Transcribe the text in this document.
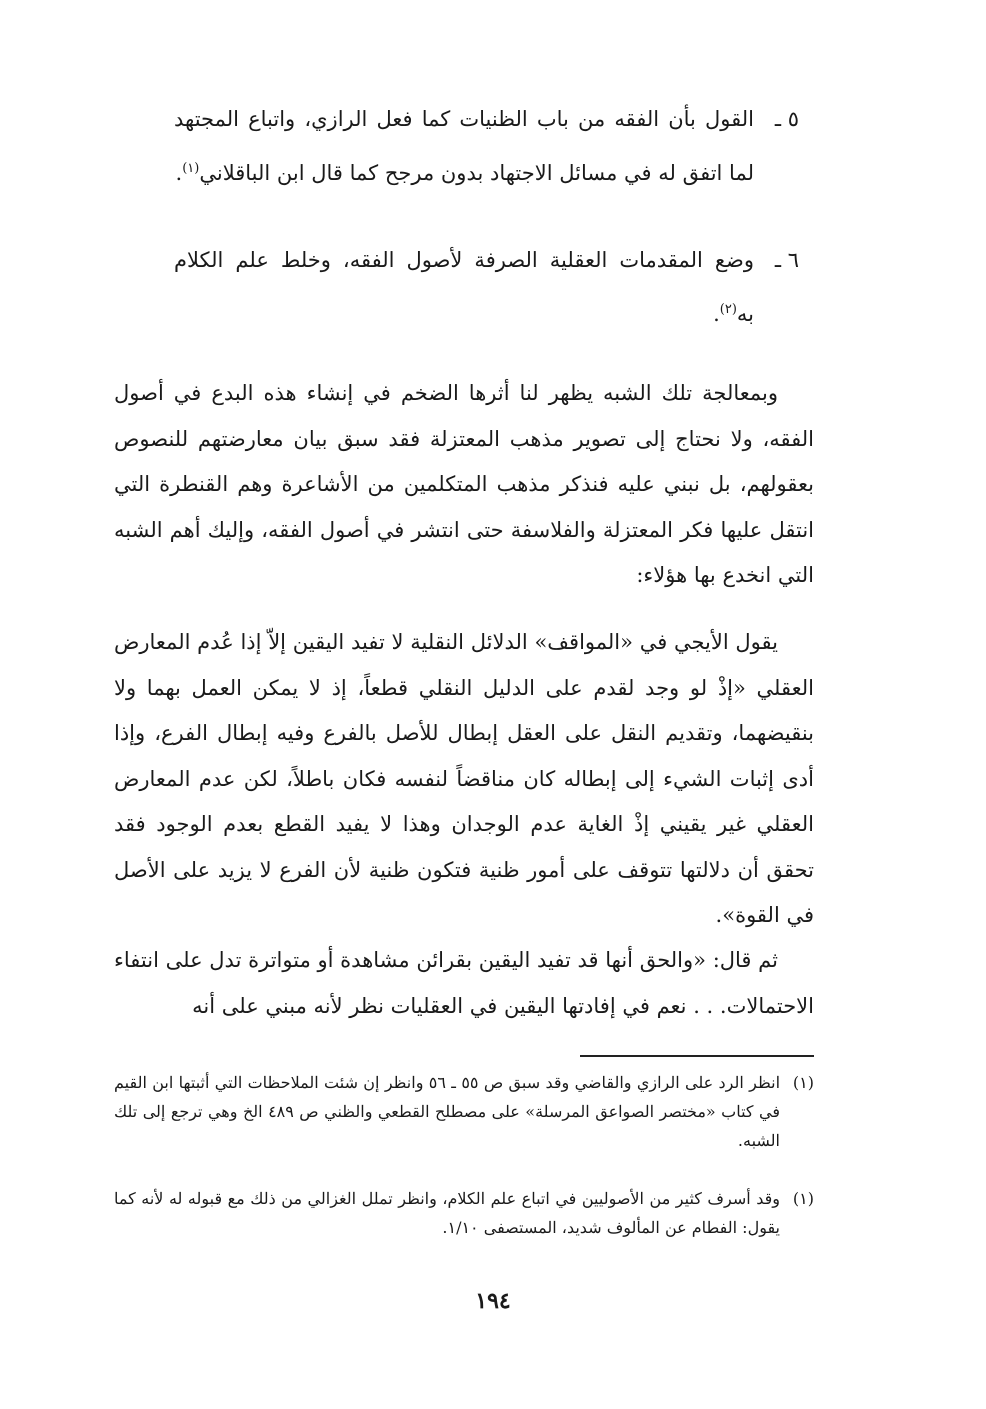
٥ ـ
القول بأن الفقه من باب الظنيات كما فعل الرازي، واتباع المجتهد لما اتفق له في مسائل الاجتهاد بدون مرجح كما قال ابن الباقلاني$^{(١)}$.
٦ ـ
وضع المقدمات العقلية الصرفة لأصول الفقه، وخلط علم الكلام به$^{(٢)}$.

وبمعالجة تلك الشبه يظهر لنا أثرها الضخم في إنشاء هذه البدع في أصول الفقه، ولا نحتاج إلى تصوير مذهب المعتزلة فقد سبق بيان معارضتهم للنصوص بعقولهم، بل نبني عليه فنذكر مذهب المتكلمين من الأشاعرة وهم القنطرة التي انتقل عليها فكر المعتزلة والفلاسفة حتى انتشر في أصول الفقه، وإليك أهم الشبه التي انخدع بها هؤلاء:

يقول الأيجي في «المواقف» الدلائل النقلية لا تفيد اليقين إلاّ إذا عُدم المعارض العقلي «إذْ لو وجد لقدم على الدليل النقلي قطعاً، إذ لا يمكن العمل بهما ولا بنقيضهما، وتقديم النقل على العقل إبطال للأصل بالفرع وفيه إبطال الفرع، وإذا أدى إثبات الشيء إلى إبطاله كان مناقضاً لنفسه فكان باطلاً، لكن عدم المعارض العقلي غير يقيني إذْ الغاية عدم الوجدان وهذا لا يفيد القطع بعدم الوجود فقد تحقق أن دلالتها تتوقف على أمور ظنية فتكون ظنية لأن الفرع لا يزيد على الأصل في القوة».

ثم قال: «والحق أنها قد تفيد اليقين بقرائن مشاهدة أو متواترة تدل على انتفاء الاحتمالات. . . نعم في إفادتها اليقين في العقليات نظر لأنه مبني على أنه

(١)
انظر الرد على الرازي والقاضي وقد سبق ص ٥٥ ـ ٥٦ وانظر إن شئت الملاحظات التي أثبتها ابن القيم في كتاب «مختصر الصواعق المرسلة» على مصطلح القطعي والظني ص ٤٨٩ الخ وهي ترجع إلى تلك الشبه.
(١)
وقد أسرف كثير من الأصوليين في اتباع علم الكلام، وانظر تملل الغزالي من ذلك مع قبوله له لأنه كما يقول: الفطام عن المألوف شديد، المستصفى ١/١٠.
١٩٤
